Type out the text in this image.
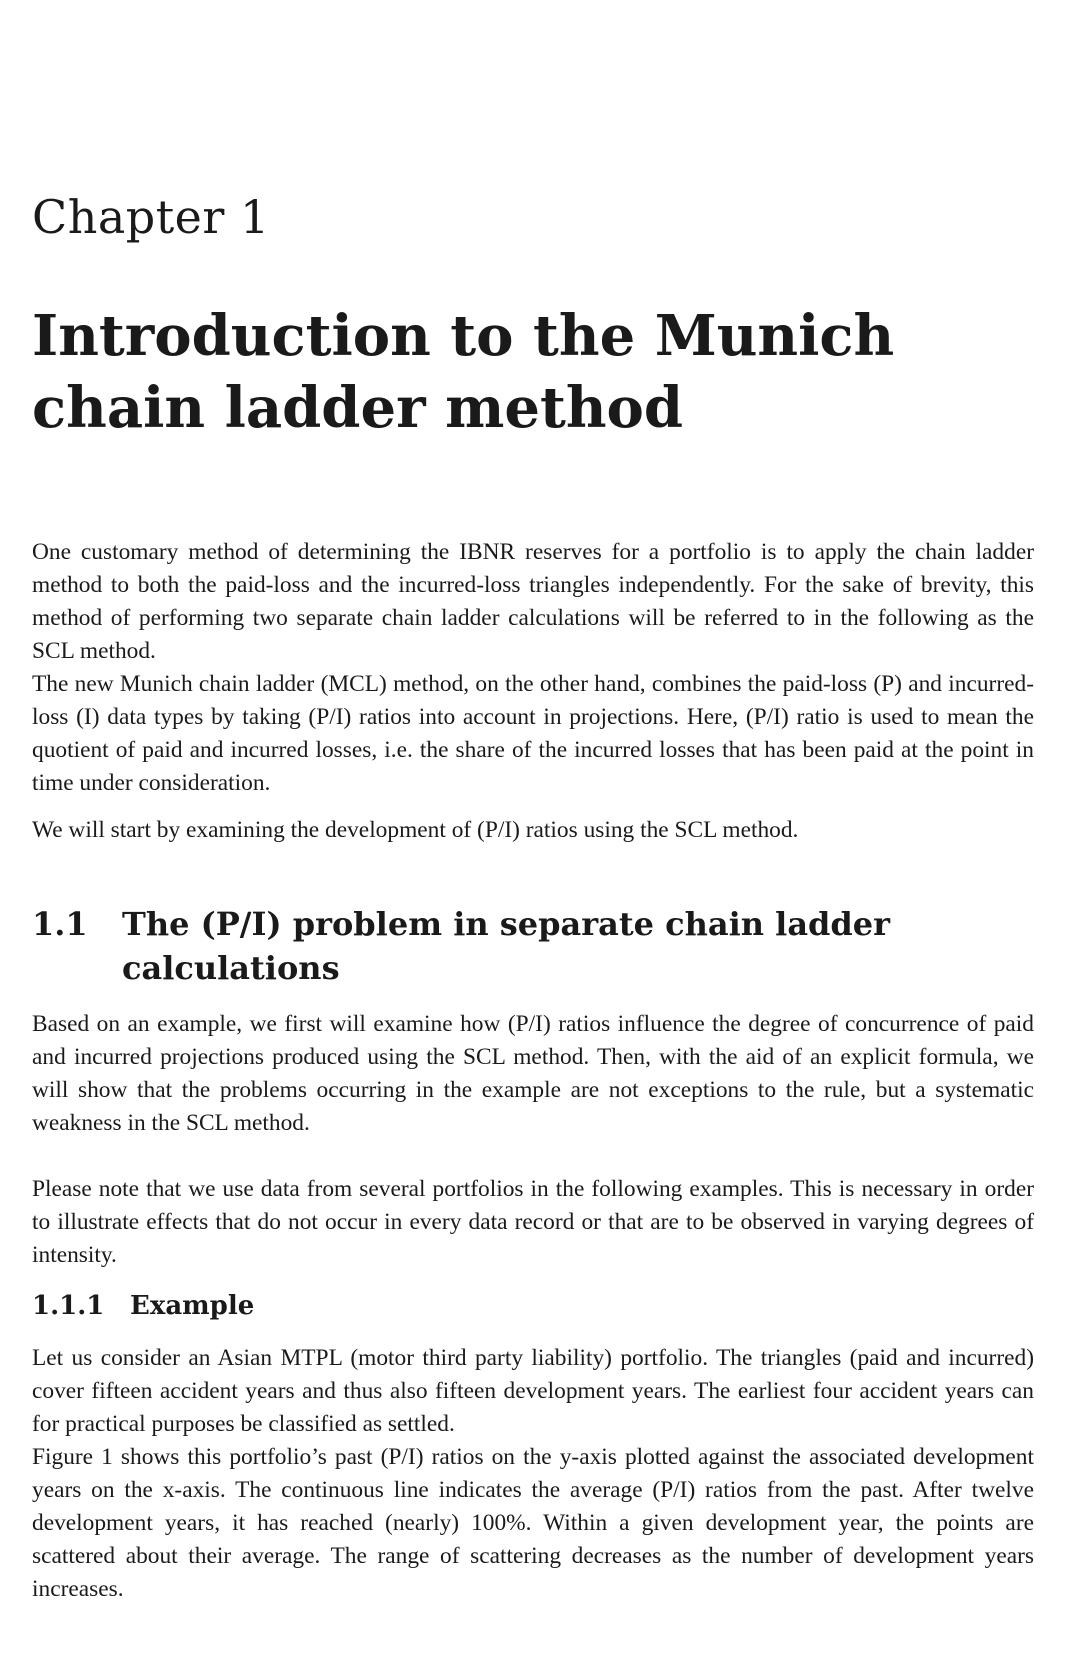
Chapter 1
Introduction to the Munich chain ladder method

One customary method of determining the IBNR reserves for a portfolio is to apply the chain ladder method to both the paid-loss and the incurred-loss triangles independently. For the sake of brevity, this method of performing two separate chain ladder calculations will be referred to in the following as the SCL method.

The new Munich chain ladder (MCL) method, on the other hand, combines the paid-loss (P) and incurred-loss (I) data types by taking (P/I) ratios into account in projections. Here, (P/I) ratio is used to mean the quotient of paid and incurred losses, i.e. the share of the incurred losses that has been paid at the point in time under consideration.

We will start by examining the development of (P/I) ratios using the SCL method.

1.1	The (P/I) problem in separate chain ladder calculations

Based on an example, we first will examine how (P/I) ratios influence the degree of concurrence of paid and incurred projections produced using the SCL method. Then, with the aid of an explicit formula, we will show that the problems occurring in the example are not exceptions to the rule, but a systematic weakness in the SCL method.

Please note that we use data from several portfolios in the following examples. This is necessary in order to illustrate effects that do not occur in every data record or that are to be observed in varying degrees of intensity.

1.1.1 Example

Let us consider an Asian MTPL (motor third party liability) portfolio. The triangles (paid and incurred) cover fifteen accident years and thus also fifteen development years. The earliest four accident years can for practical purposes be classified as settled.

Figure 1 shows this portfolio’s past (P/I) ratios on the y-axis plotted against the associated development years on the x-axis. The continuous line indicates the average (P/I) ratios from the past. After twelve development years, it has reached (nearly) 100%. Within a given development year, the points are scattered about their average. The range of scattering decreases as the number of development years increases.
